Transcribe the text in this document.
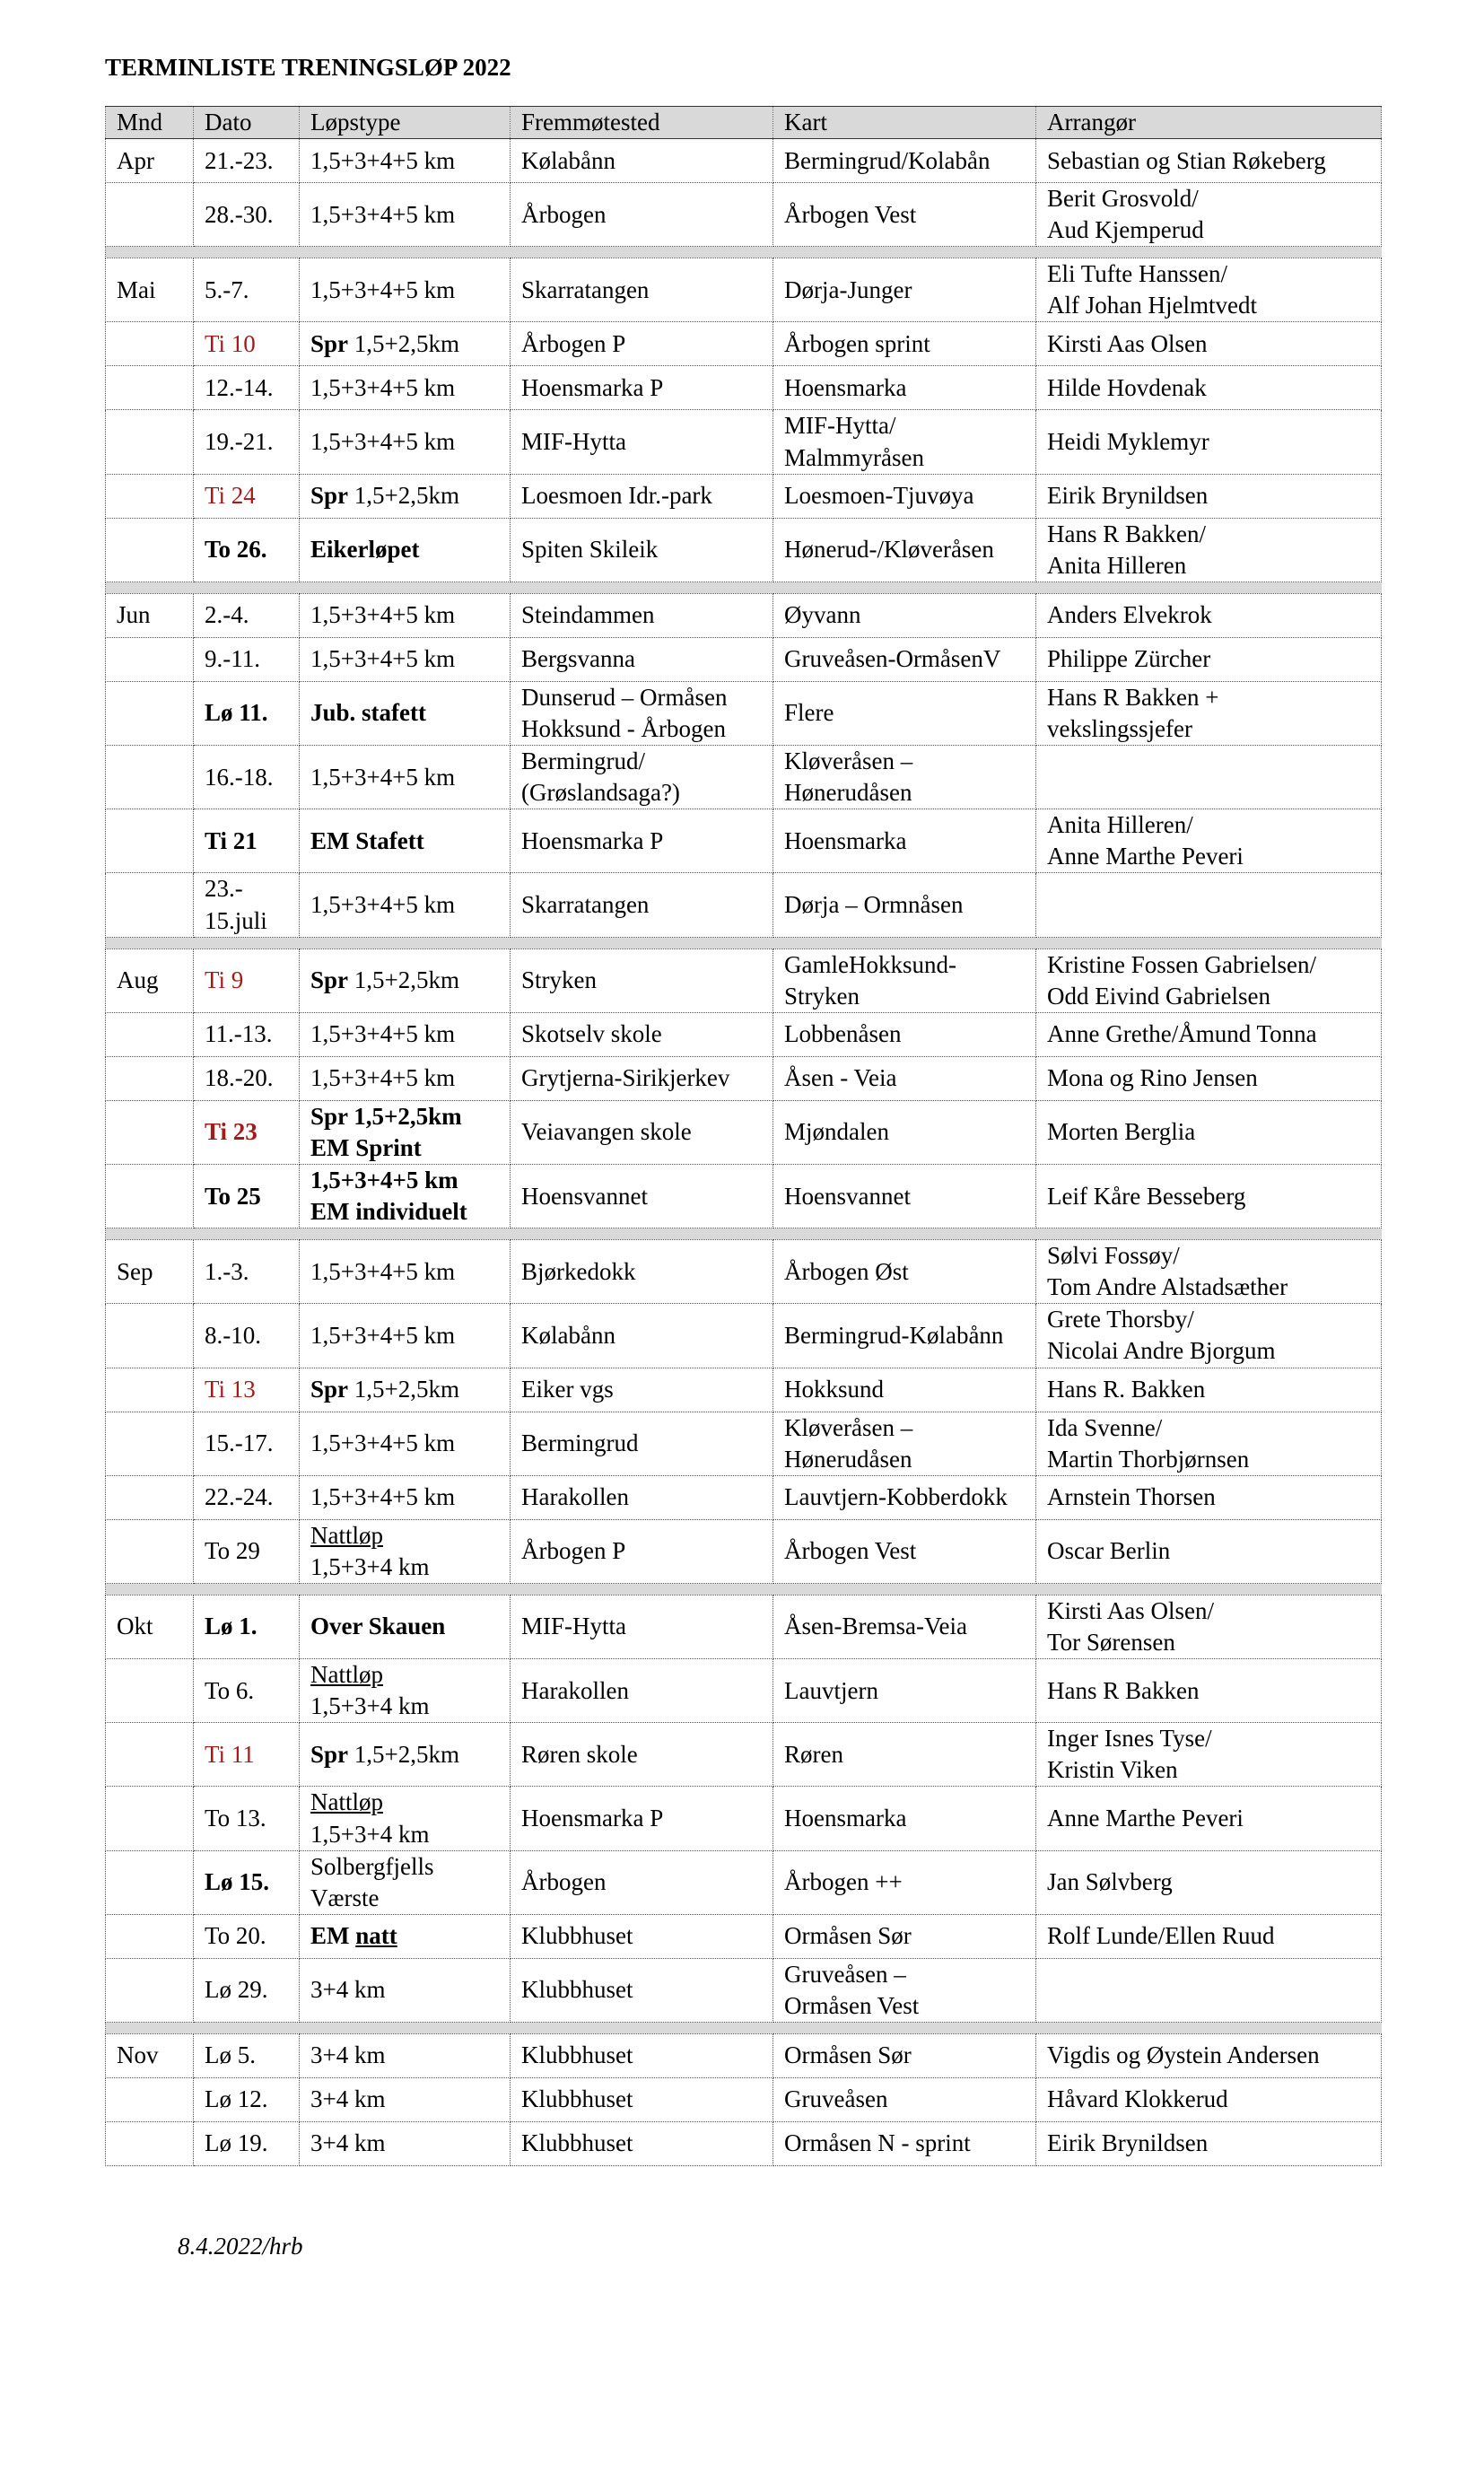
TERMINLISTE TRENINGSLØP 2022
Mnd	Dato	Løpstype	Fremmøtested	Kart	Arrangør
Apr	21.-23.	1,5+3+4+5 km	Kølabånn	Bermingrud/Kolabån	Sebastian og Stian Røkeberg
	28.-30.	1,5+3+4+5 km	Årbogen	Årbogen Vest	Berit Grosvold/
Aud Kjemperud

Mai	5.-7.	1,5+3+4+5 km	Skarratangen	Dørja-Junger	Eli Tufte Hanssen/
Alf Johan Hjelmtvedt
	Ti 10	Spr 1,5+2,5km	Årbogen P	Årbogen sprint	Kirsti Aas Olsen
	12.-14.	1,5+3+4+5 km	Hoensmarka P	Hoensmarka	Hilde Hovdenak
	19.-21.	1,5+3+4+5 km	MIF-Hytta	MIF-Hytta/
Malmmyråsen	Heidi Myklemyr
	Ti 24	Spr 1,5+2,5km	Loesmoen Idr.-park	Loesmoen-Tjuvøya	Eirik Brynildsen
	To 26.	Eikerløpet	Spiten Skileik	Hønerud-/Kløveråsen	Hans R Bakken/
Anita Hilleren

Jun	2.-4.	1,5+3+4+5 km	Steindammen	Øyvann	Anders Elvekrok
	9.-11.	1,5+3+4+5 km	Bergsvanna	Gruveåsen-OrmåsenV	Philippe Zürcher
	Lø 11.	Jub. stafett	Dunserud – Ormåsen
Hokksund - Årbogen	Flere	Hans R Bakken +
vekslingssjefer
	16.-18.	1,5+3+4+5 km	Bermingrud/
(Grøslandsaga?)	Kløveråsen –
Hønerudåsen	
	Ti 21	EM Stafett	Hoensmarka P	Hoensmarka	Anita Hilleren/
Anne Marthe Peveri
	23.-
15.juli	1,5+3+4+5 km	Skarratangen	Dørja – Ormnåsen	

Aug	Ti 9	Spr 1,5+2,5km	Stryken	GamleHokksund-
Stryken	Kristine Fossen Gabrielsen/
Odd Eivind Gabrielsen
	11.-13.	1,5+3+4+5 km	Skotselv skole	Lobbenåsen	Anne Grethe/Åmund Tonna
	18.-20.	1,5+3+4+5 km	Grytjerna-Sirikjerkev	Åsen - Veia	Mona og Rino Jensen
	Ti 23	Spr 1,5+2,5km
EM Sprint	Veiavangen skole	Mjøndalen	Morten Berglia
	To 25	1,5+3+4+5 km
EM individuelt	Hoensvannet	Hoensvannet	Leif Kåre Besseberg

Sep	1.-3.	1,5+3+4+5 km	Bjørkedokk	Årbogen Øst	Sølvi Fossøy/
Tom Andre Alstadsæther
	8.-10.	1,5+3+4+5 km	Kølabånn	Bermingrud-Kølabånn	Grete Thorsby/
Nicolai Andre Bjorgum
	Ti 13	Spr 1,5+2,5km	Eiker vgs	Hokksund	Hans R. Bakken
	15.-17.	1,5+3+4+5 km	Bermingrud	Kløveråsen –
Hønerudåsen	Ida Svenne/
Martin Thorbjørnsen
	22.-24.	1,5+3+4+5 km	Harakollen	Lauvtjern-Kobberdokk	Arnstein Thorsen
	To 29	Nattløp
1,5+3+4 km	Årbogen P	Årbogen Vest	Oscar Berlin

Okt	Lø 1.	Over Skauen	MIF-Hytta	Åsen-Bremsa-Veia	Kirsti Aas Olsen/
Tor Sørensen
	To 6.	Nattløp
1,5+3+4 km	Harakollen	Lauvtjern	Hans R Bakken
	Ti 11	Spr 1,5+2,5km	Røren skole	Røren	Inger Isnes Tyse/
Kristin Viken
	To 13.	Nattløp
1,5+3+4 km	Hoensmarka P	Hoensmarka	Anne Marthe Peveri
	Lø 15.	Solbergfjells
Værste	Årbogen	Årbogen ++	Jan Sølvberg
	To 20.	EM natt	Klubbhuset	Ormåsen Sør	Rolf Lunde/Ellen Ruud
	Lø 29.	3+4 km	Klubbhuset	Gruveåsen –
Ormåsen Vest	

Nov	Lø 5.	3+4 km	Klubbhuset	Ormåsen Sør	Vigdis og Øystein Andersen
	Lø 12.	3+4 km	Klubbhuset	Gruveåsen	Håvard Klokkerud
	Lø 19.	3+4 km	Klubbhuset	Ormåsen N - sprint	Eirik Brynildsen

8.4.2022/hrb
